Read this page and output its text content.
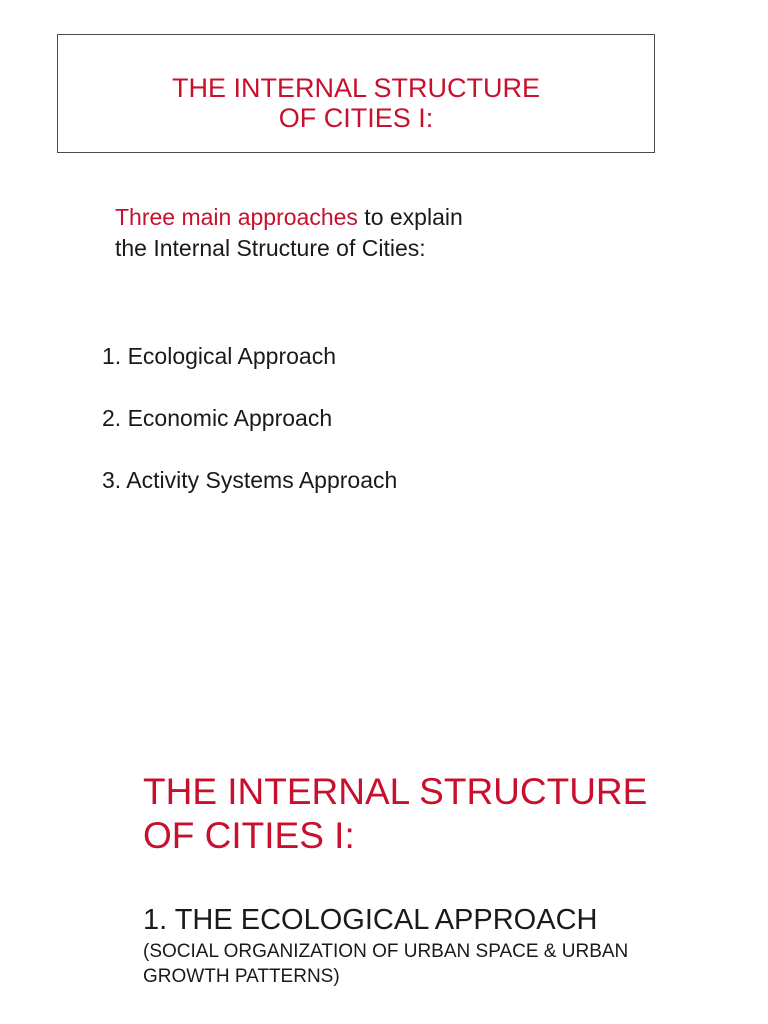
THE INTERNAL STRUCTURE
OF CITIES I:
Three main approaches to explain
the Internal Structure of Cities:
1. Ecological Approach
2. Economic Approach
3. Activity Systems Approach
THE INTERNAL STRUCTURE
OF CITIES I:
1. THE ECOLOGICAL APPROACH
(SOCIAL ORGANIZATION OF URBAN SPACE & URBAN
GROWTH PATTERNS)
